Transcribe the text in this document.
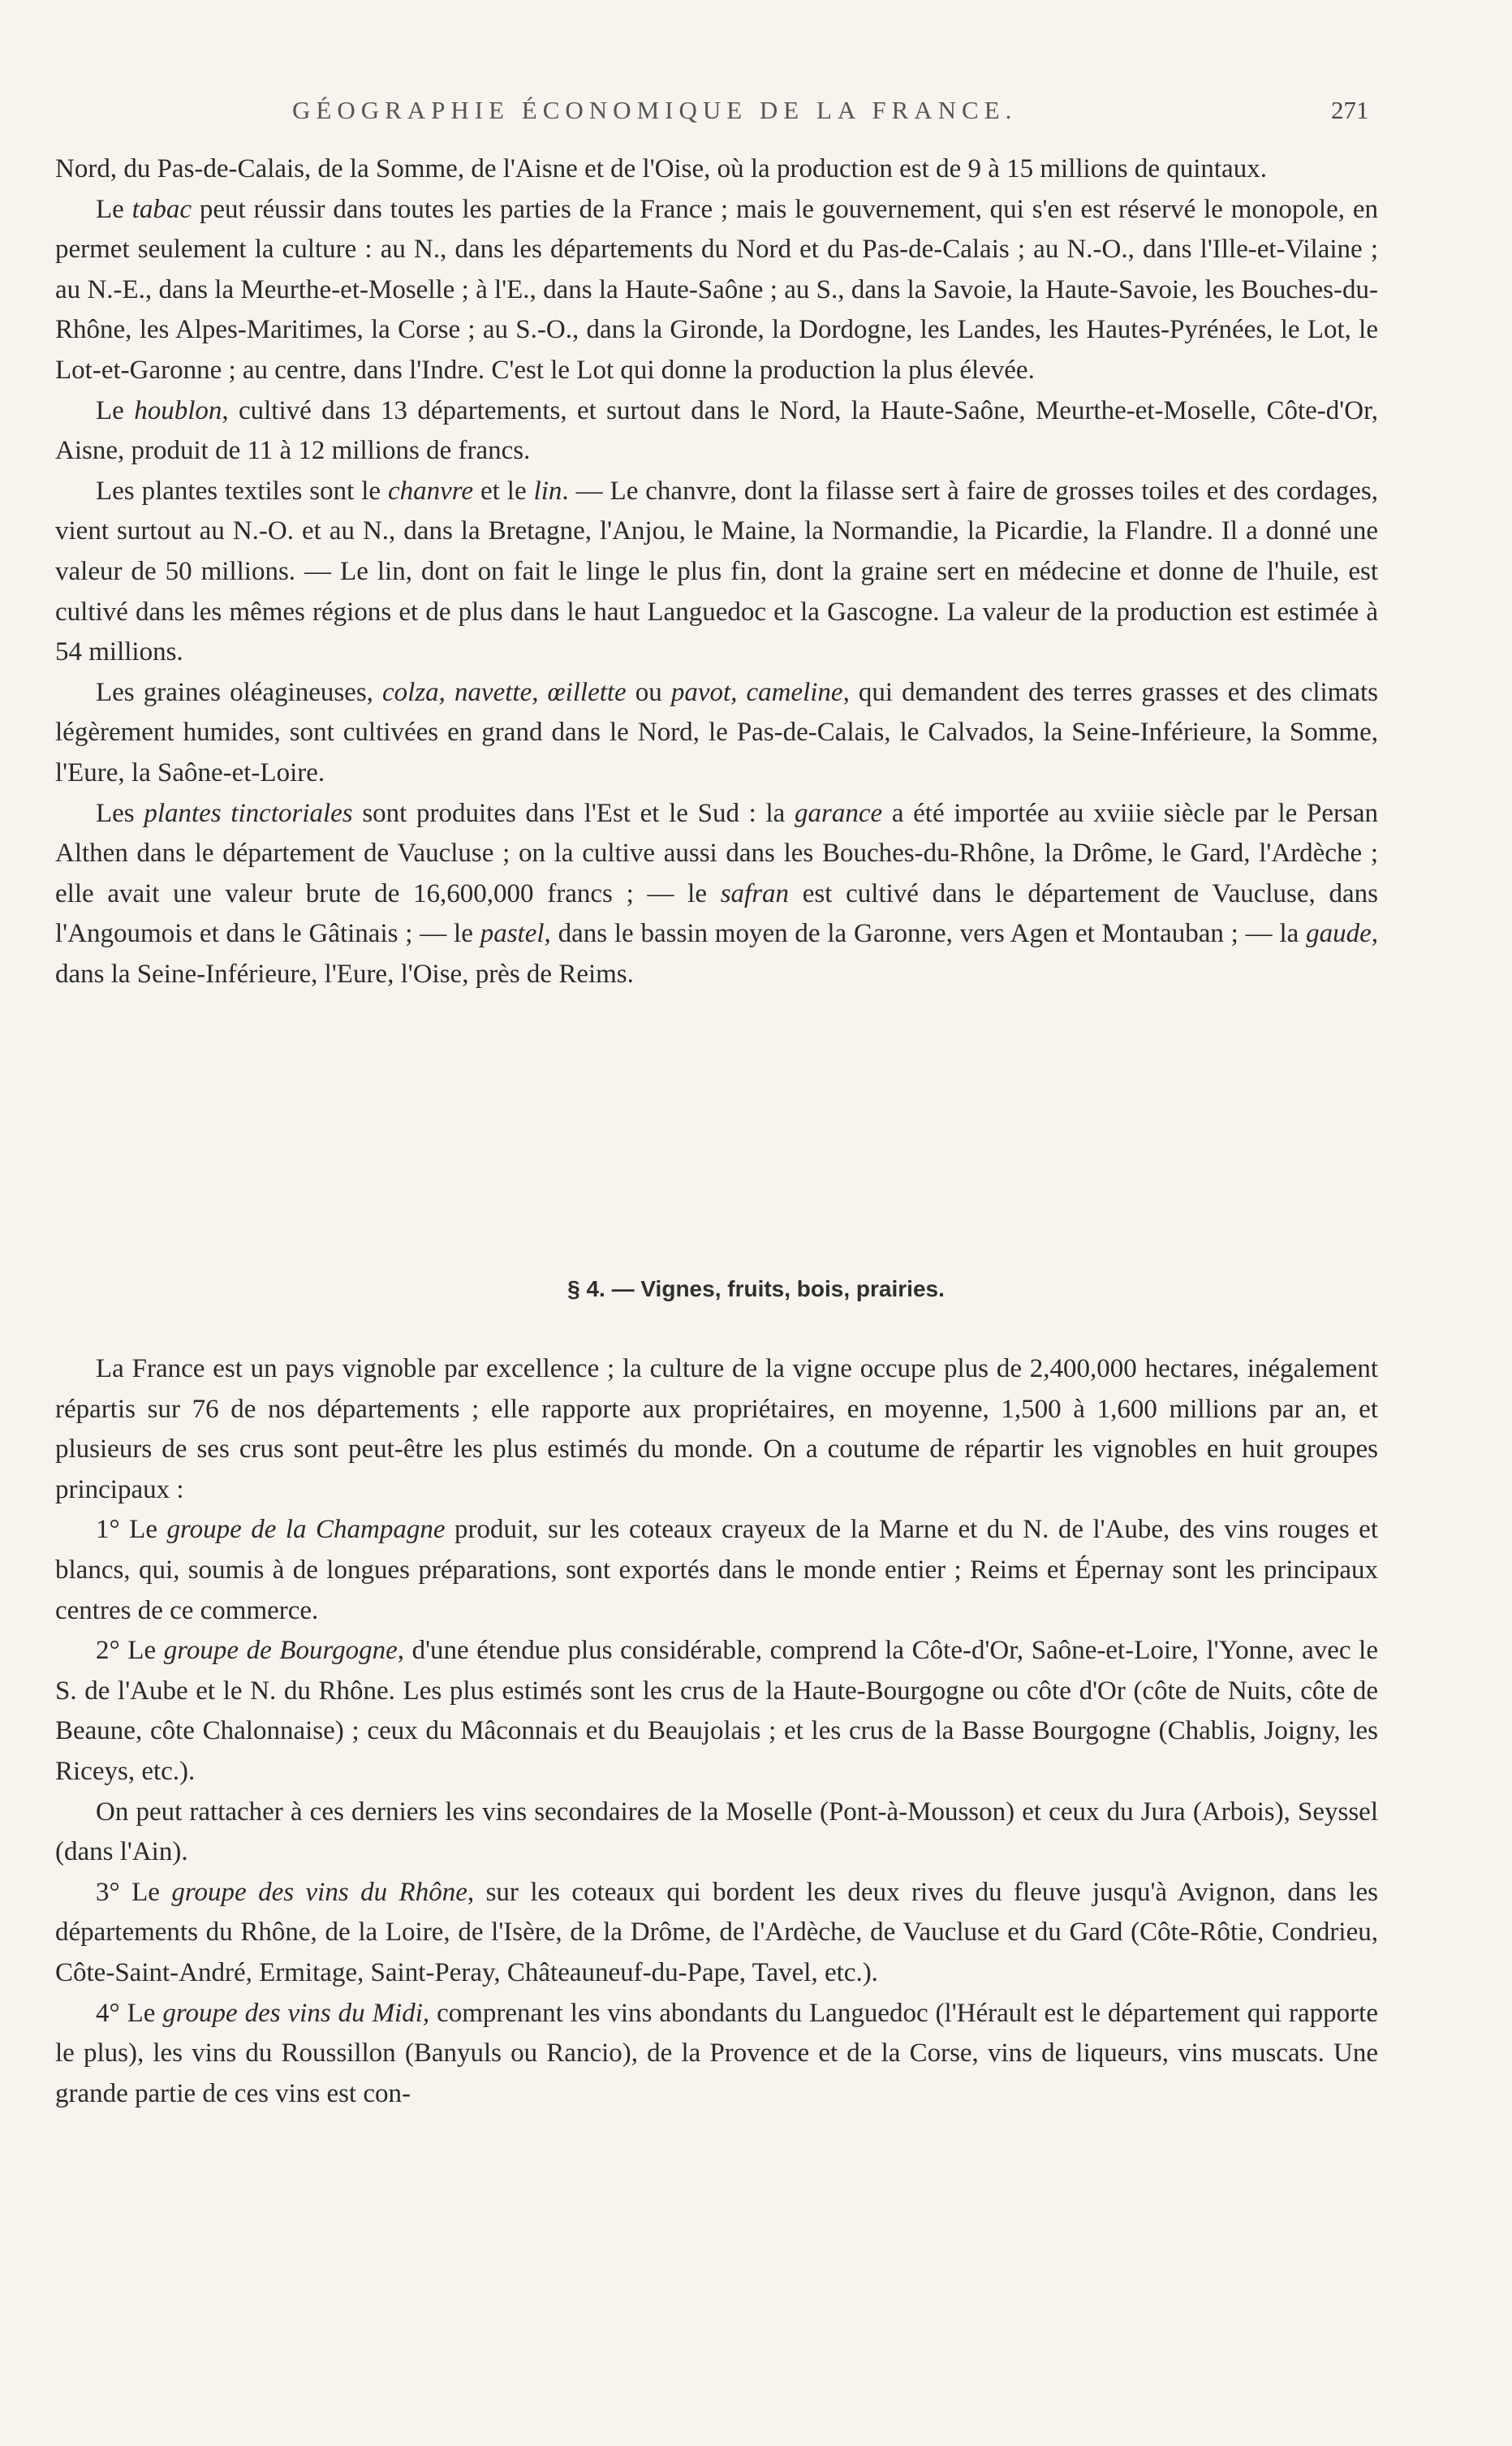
GÉOGRAPHIE ÉCONOMIQUE DE LA FRANCE.	271

Nord, du Pas-de-Calais, de la Somme, de l'Aisne et de l'Oise, où la production est de 9 à 15 millions de quintaux.

Le tabac peut réussir dans toutes les parties de la France ; mais le gouvernement, qui s'en est réservé le monopole, en permet seulement la culture : au N., dans les départements du Nord et du Pas-de-Calais ; au N.-O., dans l'Ille-et-Vilaine ; au N.-E., dans la Meurthe-et-Moselle ; à l'E., dans la Haute-Saône ; au S., dans la Savoie, la Haute-Savoie, les Bouches-du-Rhône, les Alpes-Maritimes, la Corse ; au S.-O., dans la Gironde, la Dordogne, les Landes, les Hautes-Pyrénées, le Lot, le Lot-et-Garonne ; au centre, dans l'Indre. C'est le Lot qui donne la production la plus élevée.

Le houblon, cultivé dans 13 départements, et surtout dans le Nord, la Haute-Saône, Meurthe-et-Moselle, Côte-d'Or, Aisne, produit de 11 à 12 millions de francs.

Les plantes textiles sont le chanvre et le lin. — Le chanvre, dont la filasse sert à faire de grosses toiles et des cordages, vient surtout au N.-O. et au N., dans la Bretagne, l'Anjou, le Maine, la Normandie, la Picardie, la Flandre. Il a donné une valeur de 50 millions. — Le lin, dont on fait le linge le plus fin, dont la graine sert en médecine et donne de l'huile, est cultivé dans les mêmes régions et de plus dans le haut Languedoc et la Gascogne. La valeur de la production est estimée à 54 millions.

Les graines oléagineuses, colza, navette, œillette ou pavot, cameline, qui demandent des terres grasses et des climats légèrement humides, sont cultivées en grand dans le Nord, le Pas-de-Calais, le Calvados, la Seine-Inférieure, la Somme, l'Eure, la Saône-et-Loire.

Les plantes tinctoriales sont produites dans l'Est et le Sud : la garance a été importée au xviiie siècle par le Persan Althen dans le département de Vaucluse ; on la cultive aussi dans les Bouches-du-Rhône, la Drôme, le Gard, l'Ardèche ; elle avait une valeur brute de 16,600,000 francs ; — le safran est cultivé dans le département de Vaucluse, dans l'Angoumois et dans le Gâtinais ; — le pastel, dans le bassin moyen de la Garonne, vers Agen et Montauban ; — la gaude, dans la Seine-Inférieure, l'Eure, l'Oise, près de Reims.

§ 4. — Vignes, fruits, bois, prairies.

La France est un pays vignoble par excellence ; la culture de la vigne occupe plus de 2,400,000 hectares, inégalement répartis sur 76 de nos départements ; elle rapporte aux propriétaires, en moyenne, 1,500 à 1,600 millions par an, et plusieurs de ses crus sont peut-être les plus estimés du monde. On a coutume de répartir les vignobles en huit groupes principaux :

1° Le groupe de la Champagne produit, sur les coteaux crayeux de la Marne et du N. de l'Aube, des vins rouges et blancs, qui, soumis à de longues préparations, sont exportés dans le monde entier ; Reims et Épernay sont les principaux centres de ce commerce.

2° Le groupe de Bourgogne, d'une étendue plus considérable, comprend la Côte-d'Or, Saône-et-Loire, l'Yonne, avec le S. de l'Aube et le N. du Rhône. Les plus estimés sont les crus de la Haute-Bourgogne ou côte d'Or (côte de Nuits, côte de Beaune, côte Chalonnaise) ; ceux du Mâconnais et du Beaujolais ; et les crus de la Basse Bourgogne (Chablis, Joigny, les Riceys, etc.).

On peut rattacher à ces derniers les vins secondaires de la Moselle (Pont-à-Mousson) et ceux du Jura (Arbois), Seyssel (dans l'Ain).

3° Le groupe des vins du Rhône, sur les coteaux qui bordent les deux rives du fleuve jusqu'à Avignon, dans les départements du Rhône, de la Loire, de l'Isère, de la Drôme, de l'Ardèche, de Vaucluse et du Gard (Côte-Rôtie, Condrieu, Côte-Saint-André, Ermitage, Saint-Peray, Châteauneuf-du-Pape, Tavel, etc.).

4° Le groupe des vins du Midi, comprenant les vins abondants du Languedoc (l'Hérault est le département qui rapporte le plus), les vins du Roussillon (Banyuls ou Rancio), de la Provence et de la Corse, vins de liqueurs, vins muscats. Une grande partie de ces vins est con-
